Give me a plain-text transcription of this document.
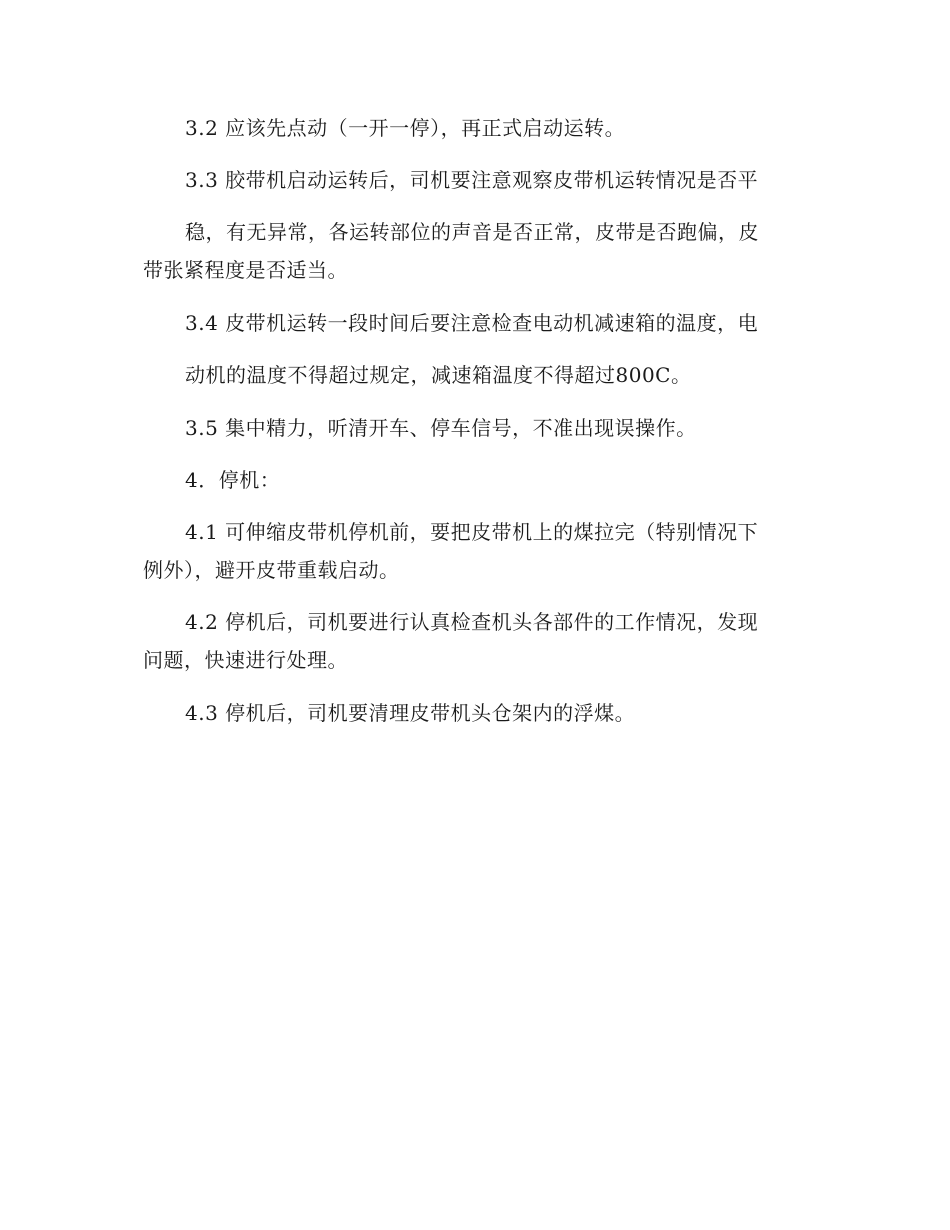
3.2 应该先点动（一开一停），再正式启动运转。
3.3 胶带机启动运转后，司机要注意观察皮带机运转情况是否平
稳，有无异常，各运转部位的声音是否正常，皮带是否跑偏，皮
带张紧程度是否适当。
3.4 皮带机运转一段时间后要注意检查电动机减速箱的温度，电
动机的温度不得超过规定，减速箱温度不得超过800C。
3.5 集中精力，听清开车、停车信号，不准出现误操作。
4．停机：
4.1 可伸缩皮带机停机前，要把皮带机上的煤拉完（特别情况下
例外），避开皮带重载启动。
4.2 停机后，司机要进行认真检查机头各部件的工作情况，发现
问题，快速进行处理。
4.3 停机后，司机要清理皮带机头仓架内的浮煤。
